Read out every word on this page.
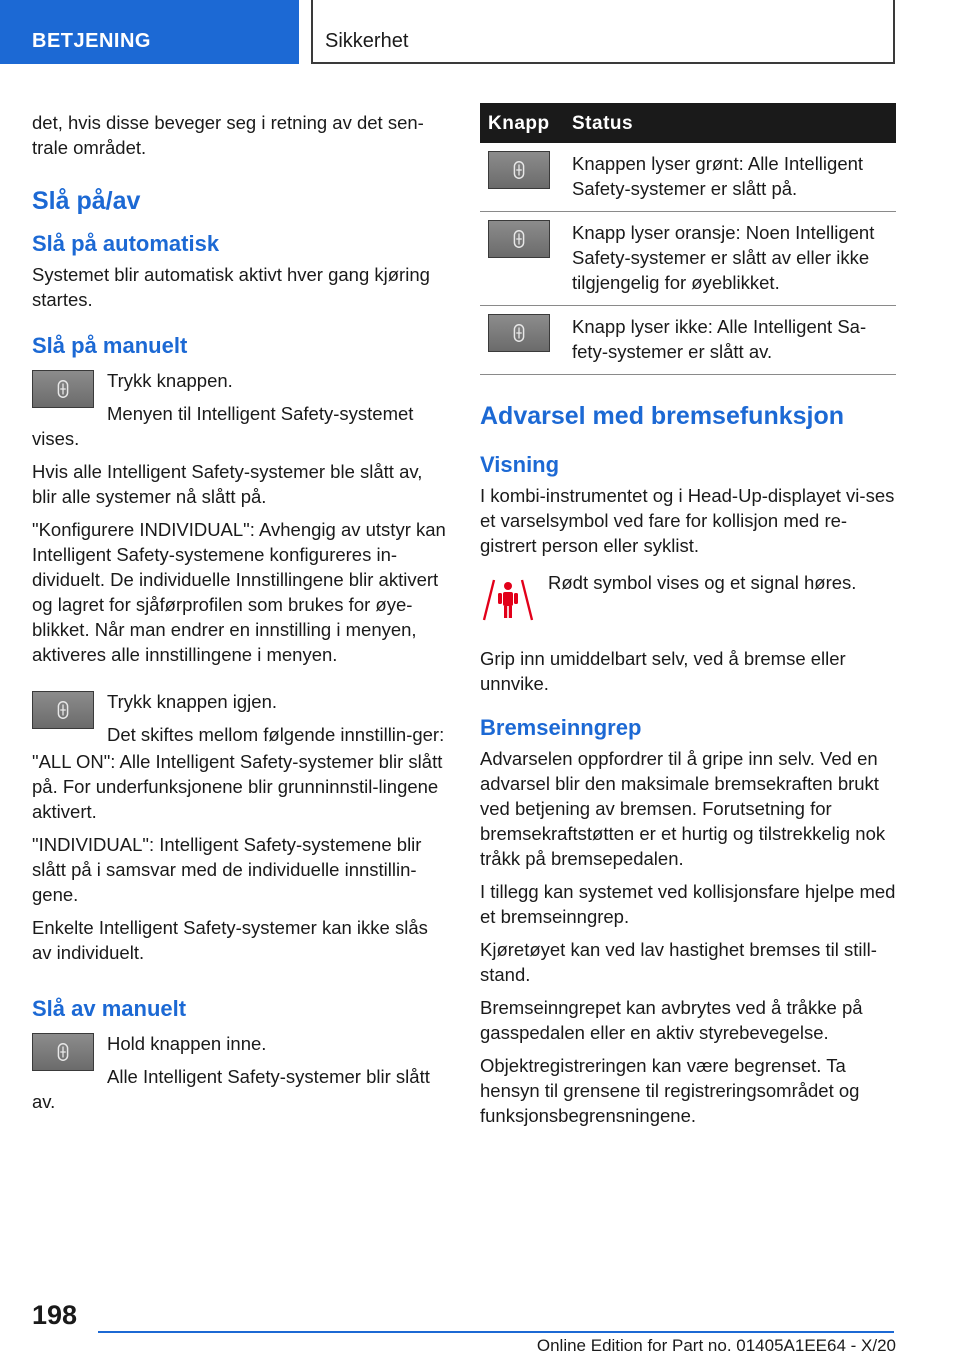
BETJENING	Sikkerhet

det, hvis disse beveger seg i retning av det sen-trale området.

Slå på/av
Slå på automatisk

Systemet blir automatisk aktivt hver gang kjøring startes.

Slå på manuelt

Trykk knappen.

Menyen til Intelligent Safety-systemet vises.

Hvis alle Intelligent Safety-systemer ble slått av, blir alle systemer nå slått på.

"Konfigurere INDIVIDUAL": Avhengig av utstyr kan Intelligent Safety-systemene konfigureres in-dividuelt. De individuelle Innstillingene blir aktivert og lagret for sjåførprofilen som brukes for øye-blikket. Når man endrer en innstilling i menyen, aktiveres alle innstillingene i menyen.

Trykk knappen igjen.

Det skiftes mellom følgende innstillin-ger:

"ALL ON": Alle Intelligent Safety-systemer blir slått på. For underfunksjonene blir grunninnstil-lingene aktivert.

"INDIVIDUAL": Intelligent Safety-systemene blir slått på i samsvar med de individuelle innstillin-gene.

Enkelte Intelligent Safety-systemer kan ikke slås av individuelt.

Slå av manuelt

Hold knappen inne.

Alle Intelligent Safety-systemer blir slått av.

Knapp	Status

	Knappen lyser grønt: Alle Intelligent Safety-systemer er slått på.

	Knapp lyser oransje: Noen Intelligent Safety-systemer er slått av eller ikke tilgjengelig for øyeblikket.

	Knapp lyser ikke: Alle Intelligent Sa-fety-systemer er slått av.
Advarsel med bremsefunksjon
Visning

I kombi-instrumentet og i Head-Up-displayet vi-ses et varselsymbol ved fare for kollisjon med re-gistrert person eller syklist.

Rødt symbol vises og et signal høres.

Grip inn umiddelbart selv, ved å bremse eller unnvike.

Bremseinngrep

Advarselen oppfordrer til å gripe inn selv. Ved en advarsel blir den maksimale bremsekraften brukt ved betjening av bremsen. Forutsetning for bremsekraftstøtten er et hurtig og tilstrekkelig nok tråkk på bremsepedalen.

I tillegg kan systemet ved kollisjonsfare hjelpe med et bremseinngrep.

Kjøretøyet kan ved lav hastighet bremses til still-stand.

Bremseinngrepet kan avbrytes ved å tråkke på gasspedalen eller en aktiv styrebevegelse.

Objektregistreringen kan være begrenset. Ta hensyn til grensene til registreringsområdet og funksjonsbegrensningene.

198
Online Edition for Part no. 01405A1EE64 - X/20
